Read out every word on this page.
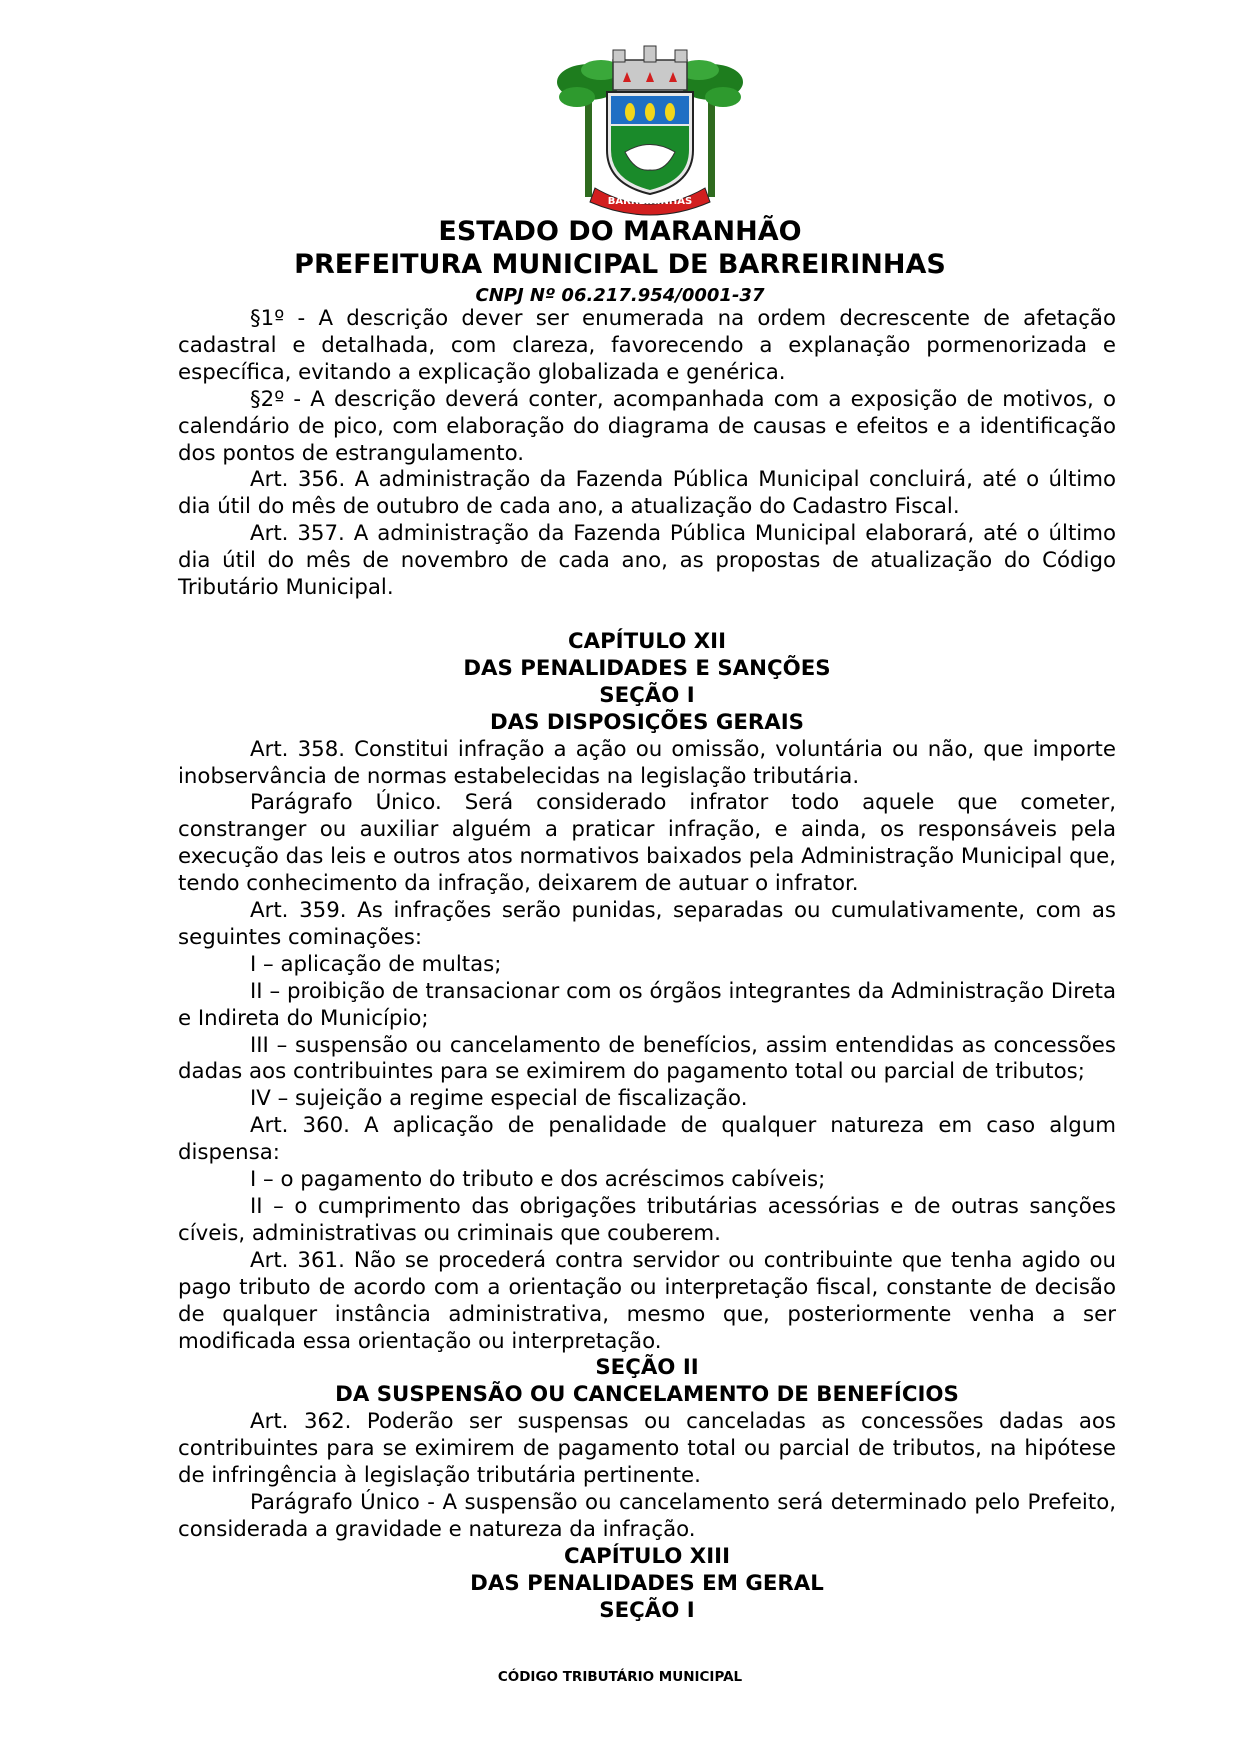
BARREIRINHAS
ESTADO DO MARANHÃO
PREFEITURA MUNICIPAL DE BARREIRINHAS
CNPJ Nº 06.217.954/0001-37

§1º - A descrição dever ser enumerada na ordem decrescente de afetação cadastral e detalhada, com clareza, favorecendo a explanação pormenorizada e específica, evitando a explicação globalizada e genérica.

§2º - A descrição deverá conter, acompanhada com a exposição de motivos, o calendário de pico, com elaboração do diagrama de causas e efeitos e a identificação dos pontos de estrangulamento.

Art. 356. A administração da Fazenda Pública Municipal concluirá, até o último dia útil do mês de outubro de cada ano, a atualização do Cadastro Fiscal.

Art. 357. A administração da Fazenda Pública Municipal elaborará, até o último dia útil do mês de novembro de cada ano, as propostas de atualização do Código Tributário Municipal.

CAPÍTULO XII

DAS PENALIDADES E SANÇÕES

SEÇÃO I

DAS DISPOSIÇÕES GERAIS

Art. 358. Constitui infração a ação ou omissão, voluntária ou não, que importe inobservância de normas estabelecidas na legislação tributária.

Parágrafo Único. Será considerado infrator todo aquele que cometer, constranger ou auxiliar alguém a praticar infração, e ainda, os responsáveis pela execução das leis e outros atos normativos baixados pela Administração Municipal que, tendo conhecimento da infração, deixarem de autuar o infrator.

Art. 359. As infrações serão punidas, separadas ou cumulativamente, com as seguintes cominações:

I – aplicação de multas;

II – proibição de transacionar com os órgãos integrantes da Administração Direta e Indireta do Município;

III – suspensão ou cancelamento de benefícios, assim entendidas as concessões dadas aos contribuintes para se eximirem do pagamento total ou parcial de tributos;

IV – sujeição a regime especial de fiscalização.

Art. 360. A aplicação de penalidade de qualquer natureza em caso algum dispensa:

I – o pagamento do tributo e dos acréscimos cabíveis;

II – o cumprimento das obrigações tributárias acessórias e de outras sanções cíveis, administrativas ou criminais que couberem.

Art. 361. Não se procederá contra servidor ou contribuinte que tenha agido ou pago tributo de acordo com a orientação ou interpretação fiscal, constante de decisão de qualquer instância administrativa, mesmo que, posteriormente venha a ser modificada essa orientação ou interpretação.

SEÇÃO II

DA SUSPENSÃO OU CANCELAMENTO DE BENEFÍCIOS

Art. 362. Poderão ser suspensas ou canceladas as concessões dadas aos contribuintes para se eximirem de pagamento total ou parcial de tributos, na hipótese de infringência à legislação tributária pertinente.

Parágrafo Único - A suspensão ou cancelamento será determinado pelo Prefeito, considerada a gravidade e natureza da infração.

CAPÍTULO XIII

DAS PENALIDADES EM GERAL

SEÇÃO I

CÓDIGO TRIBUTÁRIO MUNICIPAL
